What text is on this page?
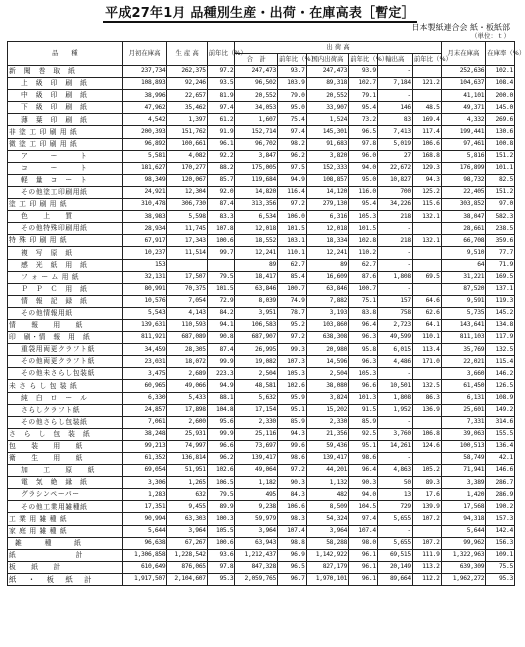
平成27年1月 品種別生産・出荷・在庫高表［暫定］
日本製紙連合会 紙・板紙部
（単位：ｔ）
品　　種	月初在庫高	生 産 高	前年比（%）	出 荷 高						月末在庫高	在庫率（%）
				合　計	前年比（%）	国内出荷高	前年比（%）	輸出高	前年比（%）		
新　聞　巻　取　紙	237,734	262,375	97.2	247,473	93.7	247,473	93.9	-		252,636	102.1
上　級　印　刷　紙	108,893	92,246	93.5	96,502	103.9	89,318	102.7	7,184	121.2	104,637	108.4
中　級　印　刷　紙	38,996	22,657	81.9	20,552	79.0	20,552	79.1	-		41,101	200.0
下　級　印　刷　紙	47,962	35,462	97.4	34,053	95.0	33,907	95.4	146	48.5	49,371	145.0
薄　葉　印　刷　紙	4,542	1,397	61.2	1,607	75.4	1,524	73.2	83	169.4	4,332	269.6
非 塗 工 印 刷 用 紙	200,393	151,762	91.9	152,714	97.4	145,301	96.5	7,413	117.4	199,441	130.6
微 塗 工 印 刷 用 紙	96,892	100,661	96.1	96,702	98.2	91,683	97.8	5,019	106.6	97,461	100.8
ア　　　ー　　　ト	5,581	4,082	92.2	3,847	96.2	3,820	96.0	27	168.8	5,816	151.2
コ　　　ー　　　ト	181,627	170,277	88.2	175,005	97.5	152,333	94.0	22,672	129.3	176,899	101.1
軽　量　コ　ー　ト	98,349	120,067	85.7	119,684	94.9	108,857	95.0	10,827	94.3	98,732	82.5
その他塗工印刷用紙	24,921	12,304	92.0	14,820	116.4	14,120	116.0	700	125.2	22,405	151.2
塗 工 印 刷 用 紙	310,478	306,730	87.4	313,356	97.2	279,130	95.4	34,226	115.6	303,852	97.0
色　　上　　質	38,983	5,598	83.3	6,534	106.0	6,316	105.3	218	132.1	38,047	582.3
その他特殊印刷用紙	28,934	11,745	107.8	12,018	101.5	12,018	101.5	-		28,661	238.5
特 殊 印 刷 用 紙	67,917	17,343	100.6	18,552	103.1	18,334	102.8	218	132.1	66,708	359.6
複　写　原　紙	10,237	11,514	99.7	12,241	110.1	12,241	110.2	-		9,510	77.7
感　光　紙　用　紙	153			89	62.7	89	62.7	-		64	71.9
フ ォ ー ム 用 紙	32,131	17,507	79.5	18,417	85.4	16,609	87.6	1,808	69.5	31,221	169.5
Ｐ　Ｐ　Ｃ　用　紙	80,991	70,375	101.5	63,846	100.7	63,846	100.7	-		87,520	137.1
情　報　記　録　紙	10,576	7,054	72.9	8,039	74.9	7,882	75.1	157	64.6	9,591	119.3
その他情報用紙	5,543	4,143	84.2	3,951	78.7	3,193	83.8	758	62.6	5,735	145.2
情　　報　　用　　紙	139,631	110,593	94.1	106,583	95.2	103,860	96.4	2,723	64.1	143,641	134.8
印　刷・情　報　用　紙	811,921	687,089	90.8	687,907	97.2	638,308	96.3	49,599	110.1	811,103	117.9
重袋用両更クラフト紙	34,459	28,305	87.4	26,995	99.3	20,980	95.8	6,015	113.4	35,769	132.5
その他両更クラフト紙	23,031	18,072	99.9	19,082	107.3	14,596	96.3	4,486	171.0	22,021	115.4
その他未さらし包装紙	3,475	2,689	223.3	2,504	105.3	2,504	105.3	-		3,660	146.2
未 さ ら し 包 装 紙	60,965	49,066	94.9	48,581	102.6	38,080	96.6	10,501	132.5	61,450	126.5
純　白　ロ　ー　ル	6,330	5,433	88.1	5,632	95.9	3,824	101.3	1,808	86.3	6,131	108.9
さらしクラフト紙	24,857	17,898	104.8	17,154	95.1	15,202	91.5	1,952	136.9	25,601	149.2
その他さらし包装紙	7,061	2,600	95.6	2,330	85.9	2,330	85.9	-		7,331	314.6
さ　ら　し　包　装　紙	38,248	25,931	99.9	25,116	94.3	21,356	92.5	3,760	106.8	39,063	155.5
包　　装　　用　　紙	99,213	74,997	96.6	73,697	99.6	59,436	95.1	14,261	124.6	100,513	136.4
衛　　生　　用　　紙	61,352	136,814	96.2	139,417	98.6	139,417	98.6	-		58,749	42.1
加　　工　　原　　紙	69,054	51,951	102.6	49,064	97.2	44,201	96.4	4,863	105.2	71,941	146.6
電　気　絶　縁　紙	3,306	1,265	106.5	1,182	90.3	1,132	90.3	50	89.3	3,389	286.7
グラシンペーパー	1,283	632	79.5	495	84.3	482	94.0	13	17.6	1,420	286.9
その他工業用雑種紙	17,351	9,455	89.9	9,238	106.6	8,509	104.5	729	139.9	17,568	190.2
工 業 用 雑 種 紙	90,994	63,303	100.3	59,979	98.3	54,324	97.4	5,655	107.2	94,318	157.3
家 庭 用 雑 種 紙	5,644	3,964	105.5	3,964	107.4	3,964	107.4	-		5,644	142.4
雑　　　種　　　紙	96,638	67,267	100.6	63,943	98.8	58,288	98.0	5,655	107.2	99,962	156.3
紙　　　　　　　　計	1,306,858	1,228,542	93.6	1,212,437	96.9	1,142,922	96.1	69,515	111.9	1,322,963	109.1
板　　紙　　計	610,649	876,065	97.8	847,328	96.5	827,179	96.1	20,149	113.2	639,309	75.5
紙　・　板　紙　計	1,917,507	2,104,607	95.3	2,059,765	96.7	1,970,101	96.1	89,664	112.2	1,962,272	95.3
